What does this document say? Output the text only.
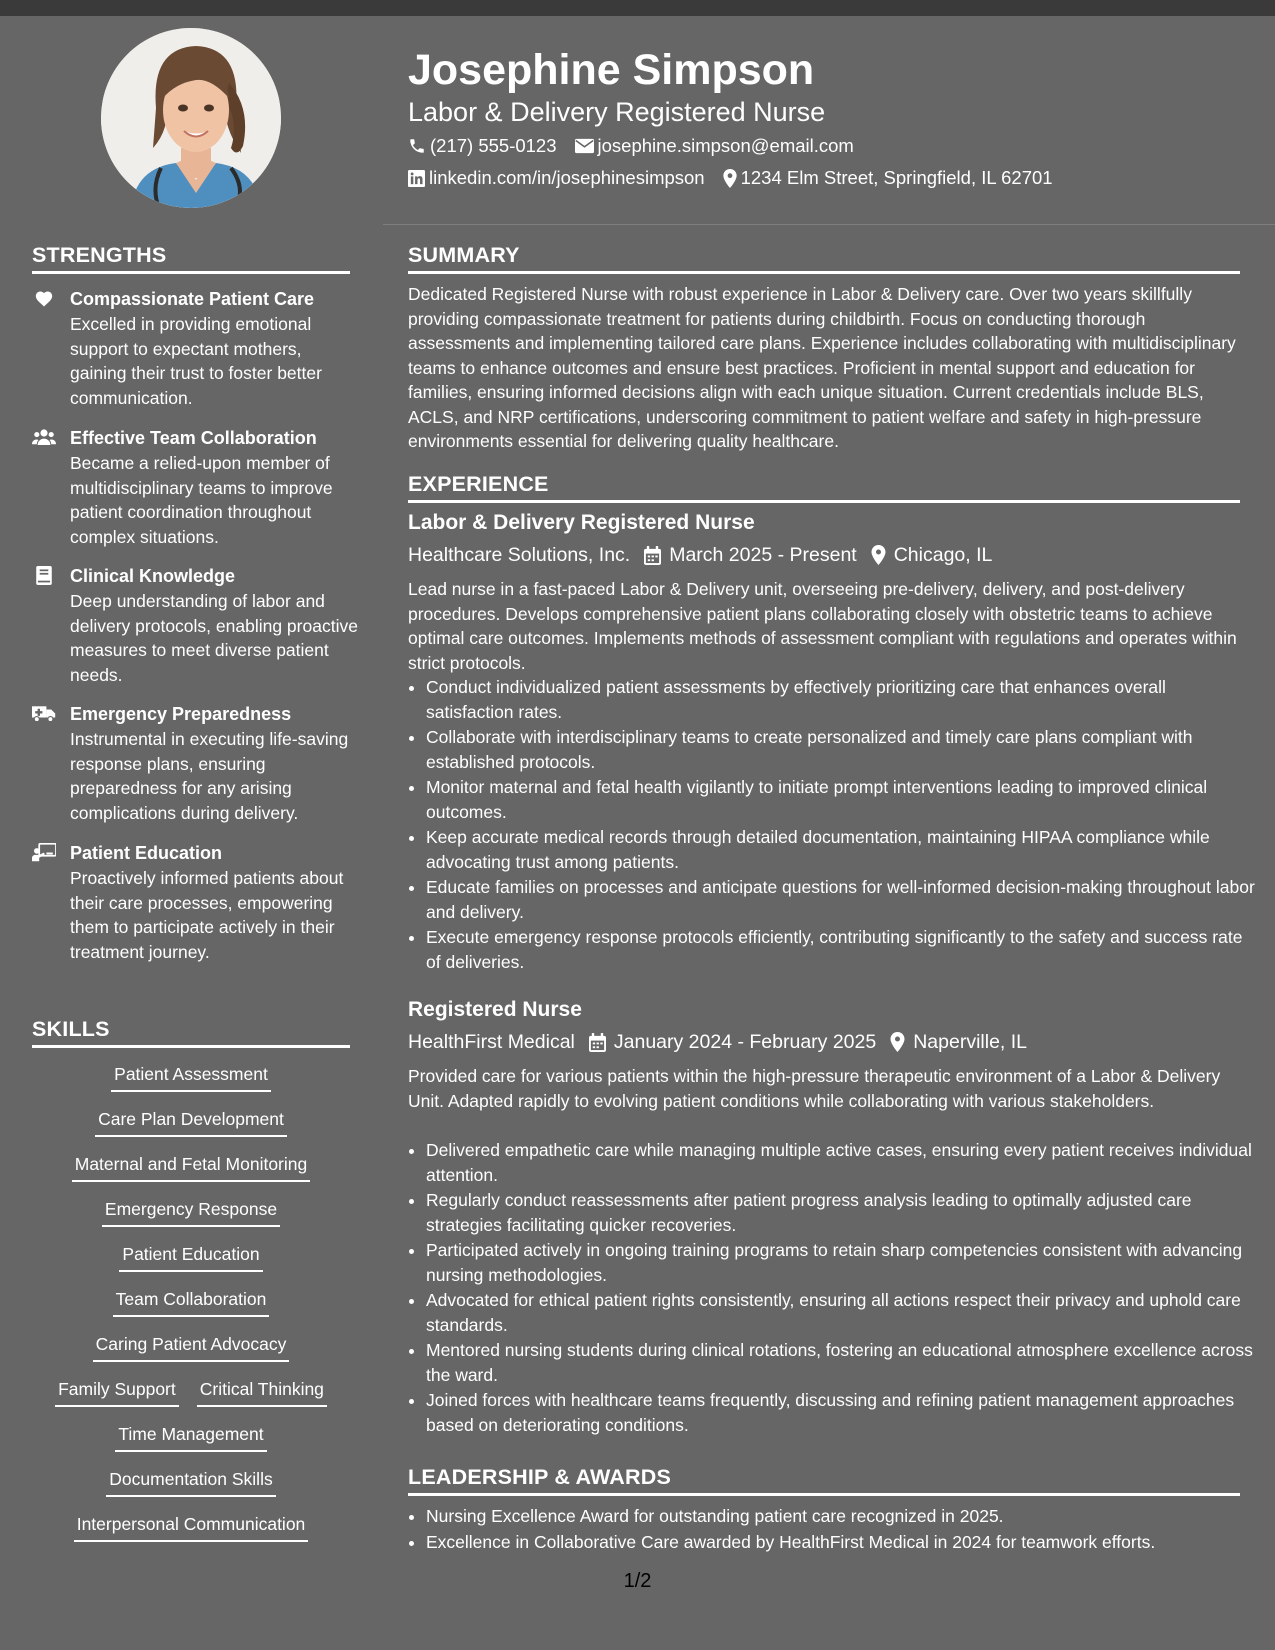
Josephine Simpson
Labor & Delivery Registered Nurse
(217) 555-0123 josephine.simpson@email.com
linkedin.com/in/josephinesimpson 1234 Elm Street, Springfield, IL 62701
STRENGTHS
Compassionate Patient Care
Excelled in providing emotional support to expectant mothers, gaining their trust to foster better communication.
Effective Team Collaboration
Became a relied-upon member of multidisciplinary teams to improve patient coordination throughout complex situations.
Clinical Knowledge
Deep understanding of labor and delivery protocols, enabling proactive measures to meet diverse patient needs.
Emergency Preparedness
Instrumental in executing life-saving response plans, ensuring preparedness for any arising complications during delivery.
Patient Education
Proactively informed patients about their care processes, empowering them to participate actively in their treatment journey.
SKILLS
Patient Assessment
Care Plan Development
Maternal and Fetal Monitoring
Emergency Response
Patient Education
Team Collaboration
Caring Patient Advocacy
Family Support Critical Thinking
Time Management
Documentation Skills
Interpersonal Communication
SUMMARY
Dedicated Registered Nurse with robust experience in Labor & Delivery care. Over two years skillfully providing compassionate treatment for patients during childbirth. Focus on conducting thorough assessments and implementing tailored care plans. Experience includes collaborating with multidisciplinary teams to enhance outcomes and ensure best practices. Proficient in mental support and education for families, ensuring informed decisions align with each unique situation. Current credentials include BLS, ACLS, and NRP certifications, underscoring commitment to patient welfare and safety in high-pressure environments essential for delivering quality healthcare.
EXPERIENCE
Labor & Delivery Registered Nurse
Healthcare Solutions, Inc. March 2025 - Present Chicago, IL
Lead nurse in a fast-paced Labor & Delivery unit, overseeing pre-delivery, delivery, and post-delivery procedures. Develops comprehensive patient plans collaborating closely with obstetric teams to achieve optimal care outcomes. Implements methods of assessment compliant with regulations and operates within strict protocols.
• Conduct individualized patient assessments by effectively prioritizing care that enhances overall satisfaction rates.
• Collaborate with interdisciplinary teams to create personalized and timely care plans compliant with established protocols.
• Monitor maternal and fetal health vigilantly to initiate prompt interventions leading to improved clinical outcomes.
• Keep accurate medical records through detailed documentation, maintaining HIPAA compliance while advocating trust among patients.
• Educate families on processes and anticipate questions for well-informed decision-making throughout labor and delivery.
• Execute emergency response protocols efficiently, contributing significantly to the safety and success rate of deliveries.
Registered Nurse
HealthFirst Medical January 2024 - February 2025 Naperville, IL
Provided care for various patients within the high-pressure therapeutic environment of a Labor & Delivery Unit. Adapted rapidly to evolving patient conditions while collaborating with various stakeholders.
• Delivered empathetic care while managing multiple active cases, ensuring every patient receives individual attention.
• Regularly conduct reassessments after patient progress analysis leading to optimally adjusted care strategies facilitating quicker recoveries.
• Participated actively in ongoing training programs to retain sharp competencies consistent with advancing nursing methodologies.
• Advocated for ethical patient rights consistently, ensuring all actions respect their privacy and uphold care standards.
• Mentored nursing students during clinical rotations, fostering an educational atmosphere excellence across the ward.
• Joined forces with healthcare teams frequently, discussing and refining patient management approaches based on deteriorating conditions.
LEADERSHIP & AWARDS
• Nursing Excellence Award for outstanding patient care recognized in 2025.
• Excellence in Collaborative Care awarded by HealthFirst Medical in 2024 for teamwork efforts.
1/2
